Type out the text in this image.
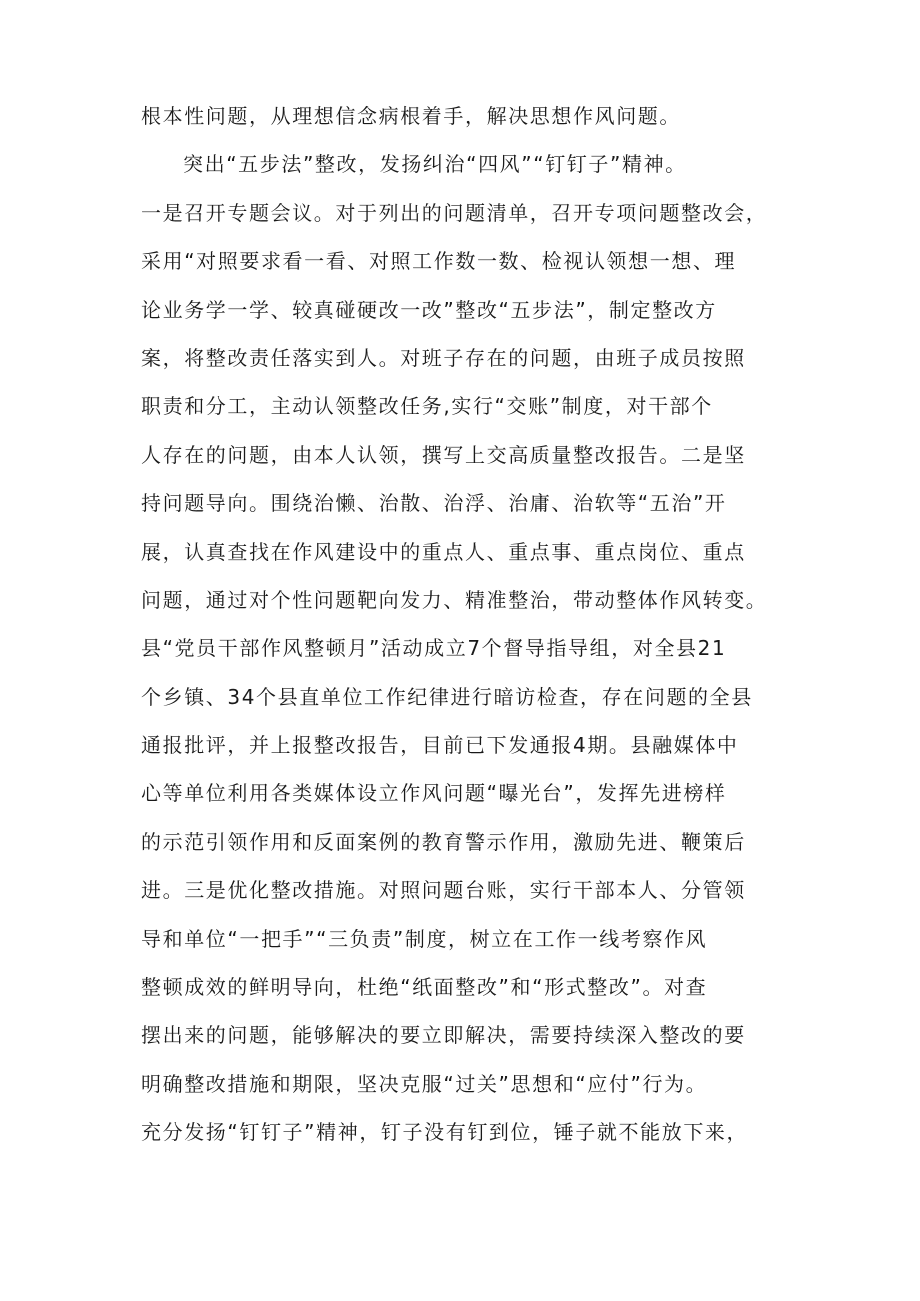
根本性问题，从理想信念病根着手，解决思想作风问题。
突出“五步法”整改，发扬纠治“四风”“钉钉子”精神。
一是召开专题会议。对于列出的问题清单，召开专项问题整改会，
采用“对照要求看一看、对照工作数一数、检视认领想一想、理
论业务学一学、较真碰硬改一改”整改“五步法”，制定整改方
案，将整改责任落实到人。对班子存在的问题，由班子成员按照
职责和分工，主动认领整改任务,实行“交账”制度，对干部个
人存在的问题，由本人认领，撰写上交高质量整改报告。二是坚
持问题导向。围绕治懒、治散、治浮、治庸、治软等“五治”开
展，认真查找在作风建设中的重点人、重点事、重点岗位、重点
问题，通过对个性问题靶向发力、精准整治，带动整体作风转变。
县“党员干部作风整顿月”活动成立7个督导指导组，对全县21
个乡镇、34个县直单位工作纪律进行暗访检查，存在问题的全县
通报批评，并上报整改报告，目前已下发通报4期。县融媒体中
心等单位利用各类媒体设立作风问题“曝光台”，发挥先进榜样
的示范引领作用和反面案例的教育警示作用，激励先进、鞭策后
进。三是优化整改措施。对照问题台账，实行干部本人、分管领
导和单位“一把手”“三负责”制度，树立在工作一线考察作风
整顿成效的鲜明导向，杜绝“纸面整改”和“形式整改”。对查
摆出来的问题，能够解决的要立即解决，需要持续深入整改的要
明确整改措施和期限，坚决克服“过关”思想和“应付”行为。
充分发扬“钉钉子”精神，钉子没有钉到位，锤子就不能放下来，
